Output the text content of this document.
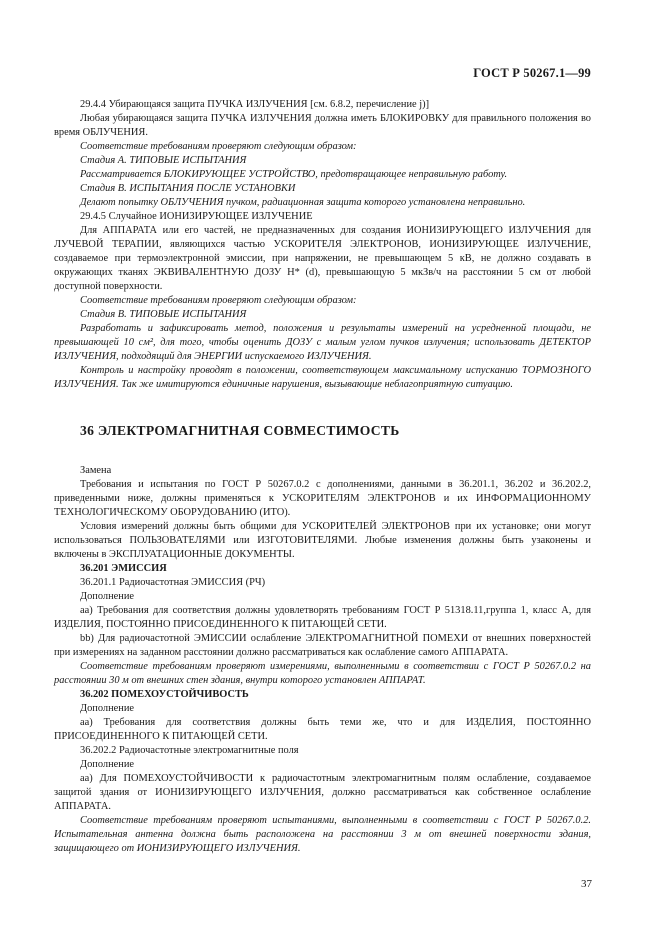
ГОСТ Р 50267.1—99

29.4.4 Убирающаяся защита ПУЧКА ИЗЛУЧЕНИЯ [см. 6.8.2, перечисление j)]

Любая убирающаяся защита ПУЧКА ИЗЛУЧЕНИЯ должна иметь БЛОКИРОВКУ для правильного положения во время ОБЛУЧЕНИЯ.

Соответствие требованиям проверяют следующим образом:

Стадия А. ТИПОВЫЕ ИСПЫТАНИЯ

Рассматривается БЛОКИРУЮЩЕЕ УСТРОЙСТВО, предотвращающее неправильную работу.

Стадия В. ИСПЫТАНИЯ ПОСЛЕ УСТАНОВКИ

Делают попытку ОБЛУЧЕНИЯ пучком, радиационная защита которого установлена неправильно.

29.4.5 Случайное ИОНИЗИРУЮЩЕЕ ИЗЛУЧЕНИЕ

Для АППАРАТА или его частей, не предназначенных для создания ИОНИЗИРУЮЩЕГО ИЗЛУЧЕНИЯ для ЛУЧЕВОЙ ТЕРАПИИ, являющихся частью УСКОРИТЕЛЯ ЭЛЕКТРОНОВ, ИОНИЗИРУЮЩЕЕ ИЗЛУЧЕНИЕ, создаваемое при термоэлектронной эмиссии, при напряжении, не превышающем 5 кВ, не должно создавать в окружающих тканях ЭКВИВАЛЕНТНУЮ ДОЗУ Н* (d), превышающую 5 мкЗв/ч на расстоянии 5 см от любой доступной поверхности.

Соответствие требованиям проверяют следующим образом:

Стадия В. ТИПОВЫЕ ИСПЫТАНИЯ

Разработать и зафиксировать метод, положения и результаты измерений на усредненной площади, не превышающей 10 см², для того, чтобы оценить ДОЗУ с малым углом пучков излучения; использовать ДЕТЕКТОР ИЗЛУЧЕНИЯ, подходящий для ЭНЕРГИИ испускаемого ИЗЛУЧЕНИЯ.

Контроль и настройку проводят в положении, соответствующем максимальному испусканию ТОРМОЗНОГО ИЗЛУЧЕНИЯ. Так же имитируются единичные нарушения, вызывающие неблагоприятную ситуацию.

36 ЭЛЕКТРОМАГНИТНАЯ СОВМЕСТИМОСТЬ

Замена

Требования и испытания по ГОСТ Р 50267.0.2 с дополнениями, данными в 36.201.1, 36.202 и 36.202.2, приведенными ниже, должны применяться к УСКОРИТЕЛЯМ ЭЛЕКТРОНОВ и их ИНФОРМАЦИОННОМУ ТЕХНОЛОГИЧЕСКОМУ ОБОРУДОВАНИЮ (ИТО).

Условия измерений должны быть общими для УСКОРИТЕЛЕЙ ЭЛЕКТРОНОВ при их установке; они могут использоваться ПОЛЬЗОВАТЕЛЯМИ или ИЗГОТОВИТЕЛЯМИ. Любые изменения должны быть узаконены и включены в ЭКСПЛУАТАЦИОННЫЕ ДОКУМЕНТЫ.

36.201 ЭМИССИЯ

36.201.1 Радиочастотная ЭМИССИЯ (РЧ)

Дополнение

аа) Требования для соответствия должны удовлетворять требованиям ГОСТ Р 51318.11,группа 1, класс А, для ИЗДЕЛИЯ, ПОСТОЯННО ПРИСОЕДИНЕННОГО К ПИТАЮЩЕЙ СЕТИ.

bb) Для радиочастотной ЭМИССИИ ослабление ЭЛЕКТРОМАГНИТНОЙ ПОМЕХИ от внешних поверхностей при измерениях на заданном расстоянии должно рассматриваться как ослабление самого АППАРАТА.

Соответствие требованиям проверяют измерениями, выполненными в соответствии с ГОСТ Р 50267.0.2 на расстоянии 30 м от внешних стен здания, внутри которого установлен АППАРАТ.

36.202 ПОМЕХОУСТОЙЧИВОСТЬ

Дополнение

аа) Требования для соответствия должны быть теми же, что и для ИЗДЕЛИЯ, ПОСТОЯННО ПРИСОЕДИНЕННОГО К ПИТАЮЩЕЙ СЕТИ.

36.202.2 Радиочастотные электромагнитные поля

Дополнение

аа) Для ПОМЕХОУСТОЙЧИВОСТИ к радиочастотным электромагнитным полям ослабление, создаваемое защитой здания от ИОНИЗИРУЮЩЕГО ИЗЛУЧЕНИЯ, должно рассматриваться как собственное ослабление АППАРАТА.

Соответствие требованиям проверяют испытаниями, выполненными в соответствии с ГОСТ Р 50267.0.2. Испытательная антенна должна быть расположена на расстоянии 3 м от внешней поверхности здания, защищающего от ИОНИЗИРУЮЩЕГО ИЗЛУЧЕНИЯ.

37
